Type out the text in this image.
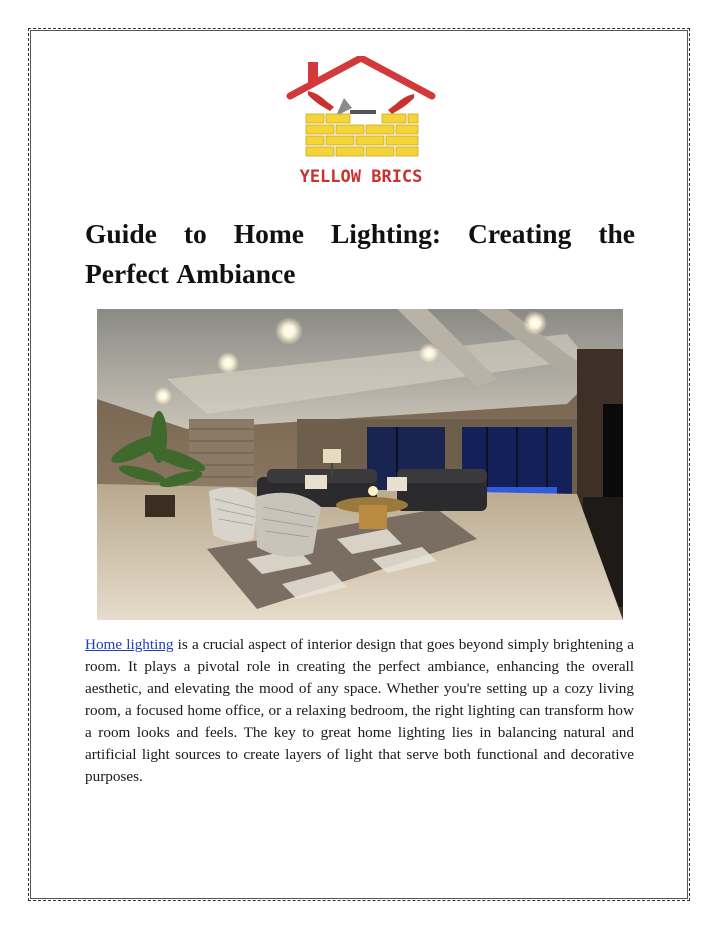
YELLOW BRICS
Guide to Home Lighting: Creating the Perfect Ambiance

Home lighting is a crucial aspect of interior design that goes beyond simply brightening a room. It plays a pivotal role in creating the perfect ambiance, enhancing the overall aesthetic, and elevating the mood of any space. Whether you're setting up a cozy living room, a focused home office, or a relaxing bedroom, the right lighting can transform how a room looks and feels. The key to great home lighting lies in balancing natural and artificial light sources to create layers of light that serve both functional and decorative purposes.
